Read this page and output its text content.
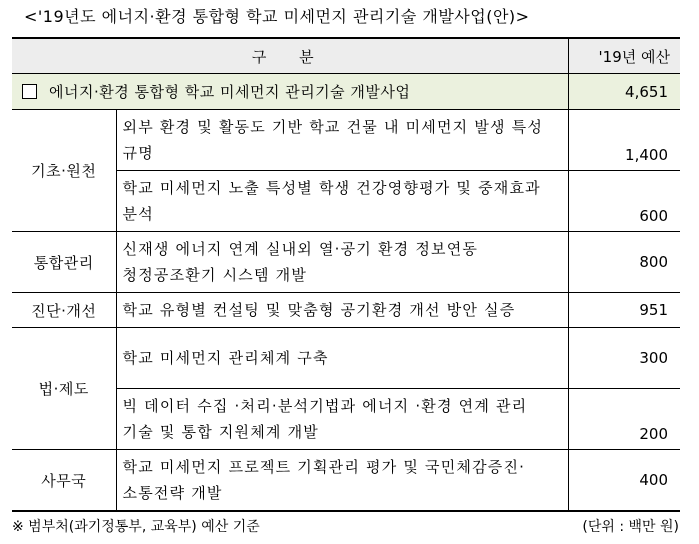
<'19년도 에너지·환경 통합형 학교 미세먼지 관리기술 개발사업(안)>
구 분		'19년 예산
에너지·환경 통합형 학교 미세먼지 관리기술 개발사업		4,651
기초·원천	외부 환경 및 활동도 기반 학교 건물 내 미세먼지 발생 특성 규명	1,400
	학교 미세먼지 노출 특성별 학생 건강영향평가 및 중재효과 분석	600
통합관리	신재생 에너지 연계 실내외 열·공기 환경 정보연동 청정공조환기 시스템 개발	800
진단·개선	학교 유형별 컨설팅 및 맞춤형 공기환경 개선 방안 실증	951
법·제도	학교 미세먼지 관리체계 구축	300
	빅 데이터 수집 ·처리·분석기법과 에너지 ·환경 연계 관리 기술 및 통합 지원체계 개발	200
사무국	학교 미세먼지 프로젝트 기획관리 평가 및 국민체감증진·소통전략 개발	400
※ 범부처(과기정통부, 교육부) 예산 기준	(단위 : 백만 원)
